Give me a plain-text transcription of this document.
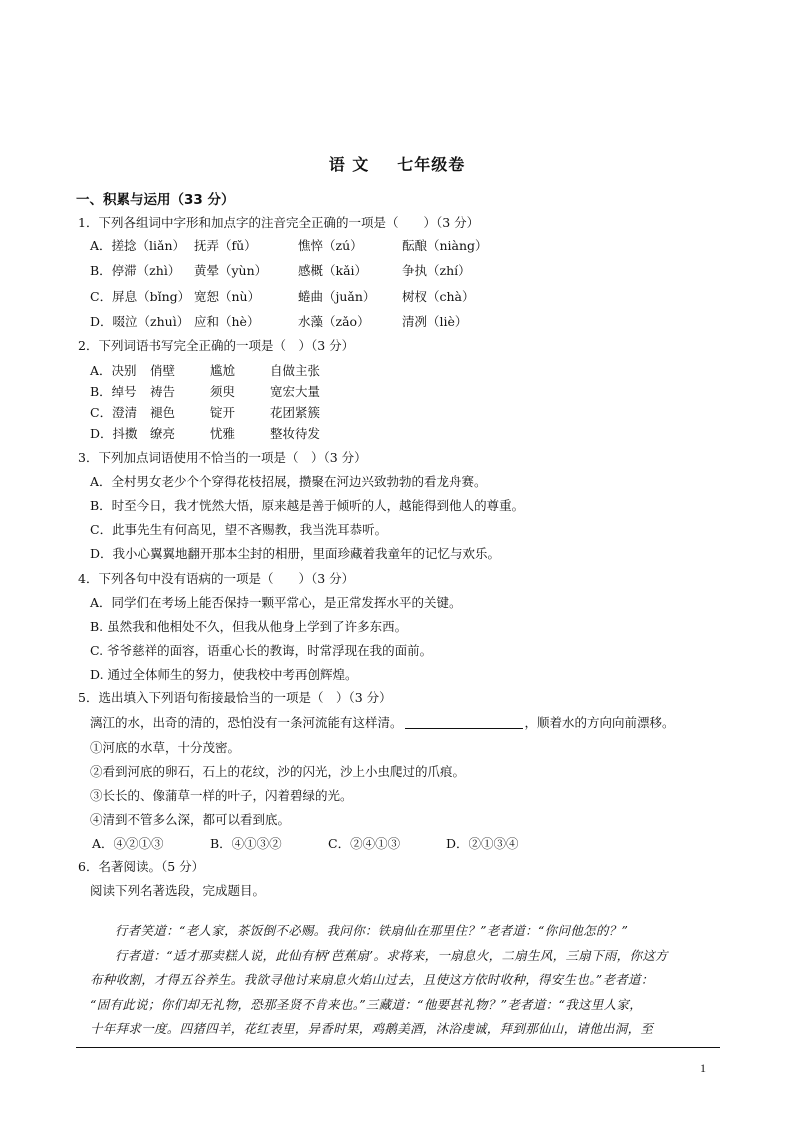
语 文 七年级卷
一、积累与运用（33 分）
1．下列各组词中字形和加点字的注音完全正确的一项是（　　）（3 分）
A．搓捻（liǎn） 抚弄（fǔ）	憔悴（zú）	酝酿（niàng）
B．停滞（zhì） 黄晕（yùn） 感概（kǎi）	争执（zhí）
C．屏息（bǐng） 宽恕（nù）	蜷曲（juǎn） 树杈（chà）
D．啜泣（zhuì） 应和（hè）	水藻（zǎo）	清冽（liè）
2．下列词语书写完全正确的一项是（　）（3 分）
A．决别 俏壁	尴尬	自做主张
B．绰号 祷告	须臾	宽宏大量
C．澄清 褪色	锭开	花团紧簇
D．抖擞 缭亮	忧雅	整妆待发
3．下列加点词语使用不恰当的一项是（　）（3 分）
A．全村男女老少个个穿得花枝招展，攒聚在河边兴致勃勃的看龙舟赛。
B．时至今日，我才恍然大悟，原来越是善于倾听的人，越能得到他人的尊重。
C．此事先生有何高见，望不吝赐教，我当洗耳恭听。
D．我小心翼翼地翻开那本尘封的相册，里面珍藏着我童年的记忆与欢乐。
4．下列各句中没有语病的一项是（　　）（3 分）
A．同学们在考场上能否保持一颗平常心，是正常发挥水平的关键。
B. 虽然我和他相处不久，但我从他身上学到了许多东西。
C. 爷爷慈祥的面容，语重心长的教诲，时常浮现在我的面前。
D. 通过全体师生的努力，使我校中考再创辉煌。
5．选出填入下列语句衔接最恰当的一项是（　）（3 分）
漓江的水，出奇的清的，恐怕没有一条河流能有这样清。	，顺着水的方向向前漂移。
①河底的水草，十分茂密。
②看到河底的卵石，石上的花纹，沙的闪光，沙上小虫爬过的爪痕。
③长长的、像蒲草一样的叶子，闪着碧绿的光。
④清到不管多么深，都可以看到底。
A．④②①③	B．④①③②	C．②④①③	D．②①③④
6．名著阅读。（5 分）
阅读下列名著选段，完成题目。

行者笑道：“老人家，茶饭倒不必赐。我问你：铁扇仙在那里住？”老者道：“你问他怎的？”

行者道：“适才那卖糕人说，此仙有柄‘芭蕉扇’。求将来，一扇息火，二扇生风，三扇下雨，你这方

布种收割，才得五谷养生。我欲寻他讨来扇息火焰山过去，且使这方依时收种，得安生也。”老者道：

“固有此说；你们却无礼物，恐那圣贤不肯来也。”三藏道：“他要甚礼物？”老者道：“我这里人家，

十年拜求一度。四猪四羊，花红表里，异香时果，鸡鹅美酒，沐浴虔诚，拜到那仙山，请他出洞，至

1
